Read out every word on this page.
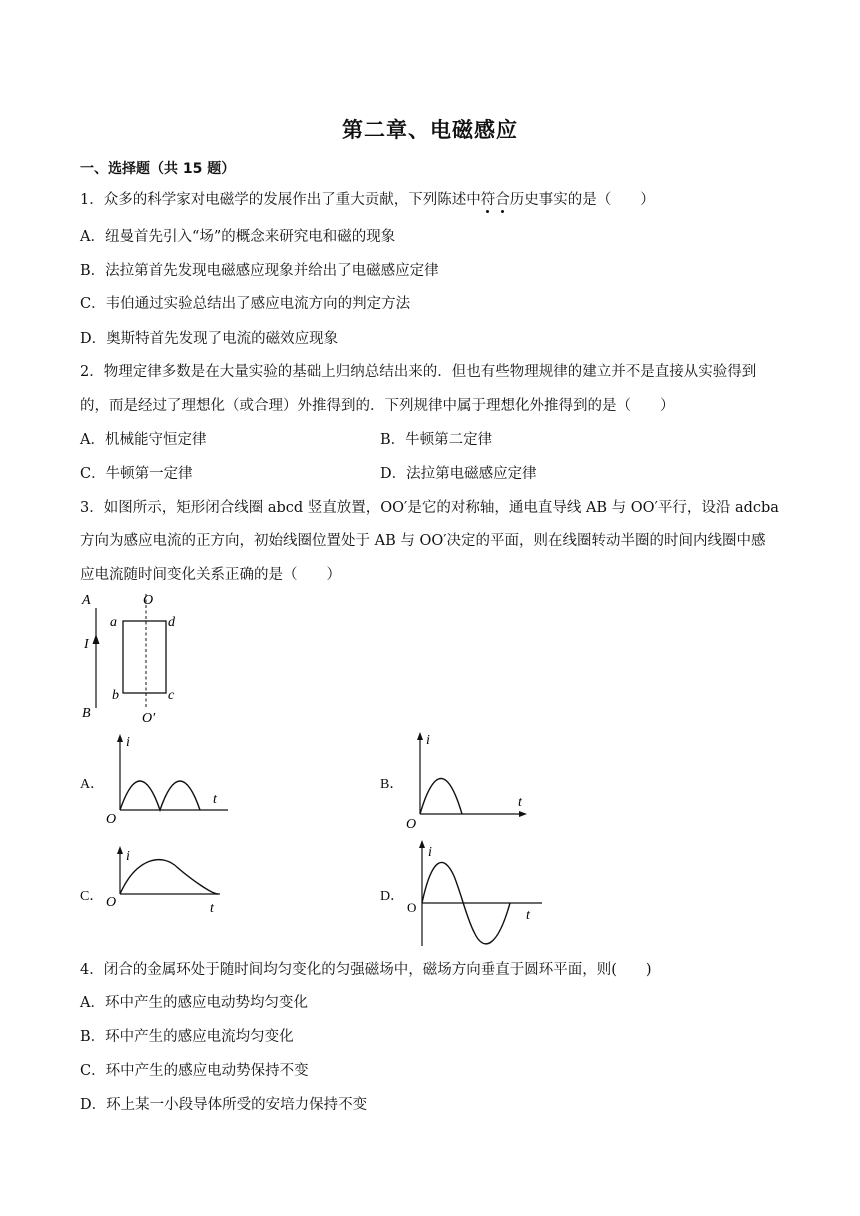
第二章、电磁感应
一、选择题（共 15 题）
1．众多的科学家对电磁学的发展作出了重大贡献，下列陈述中符合历史事实的是（　　）
A．纽曼首先引入“场”的概念来研究电和磁的现象
B．法拉第首先发现电磁感应现象并给出了电磁感应定律
C．韦伯通过实验总结出了感应电流方向的判定方法
D．奥斯特首先发现了电流的磁效应现象
2．物理定律多数是在大量实验的基础上归纳总结出来的．但也有些物理规律的建立并不是直接从实验得到
的，而是经过了理想化（或合理）外推得到的．下列规律中属于理想化外推得到的是（　　）
A．机械能守恒定律	B．牛顿第二定律
C．牛顿第一定律	D．法拉第电磁感应定律
3．如图所示，矩形闭合线圈 abcd 竖直放置，OO′是它的对称轴，通电直导线 AB 与 OO′平行，设沿 adcba
方向为感应电流的正方向，初始线圈位置处于 AB 与 OO′决定的平面，则在线圈转动半圈的时间内线圈中感
应电流随时间变化关系正确的是（　　）
A
B
I
O
O′
a	d
b	c
A．
i
t
O
B．
i
t
O
C．
i
t
O	D．
i
t
O
4．闭合的金属环处于随时间均匀变化的匀强磁场中，磁场方向垂直于圆环平面，则(　　)
A．环中产生的感应电动势均匀变化
B．环中产生的感应电流均匀变化
C．环中产生的感应电动势保持不变
D．环上某一小段导体所受的安培力保持不变
